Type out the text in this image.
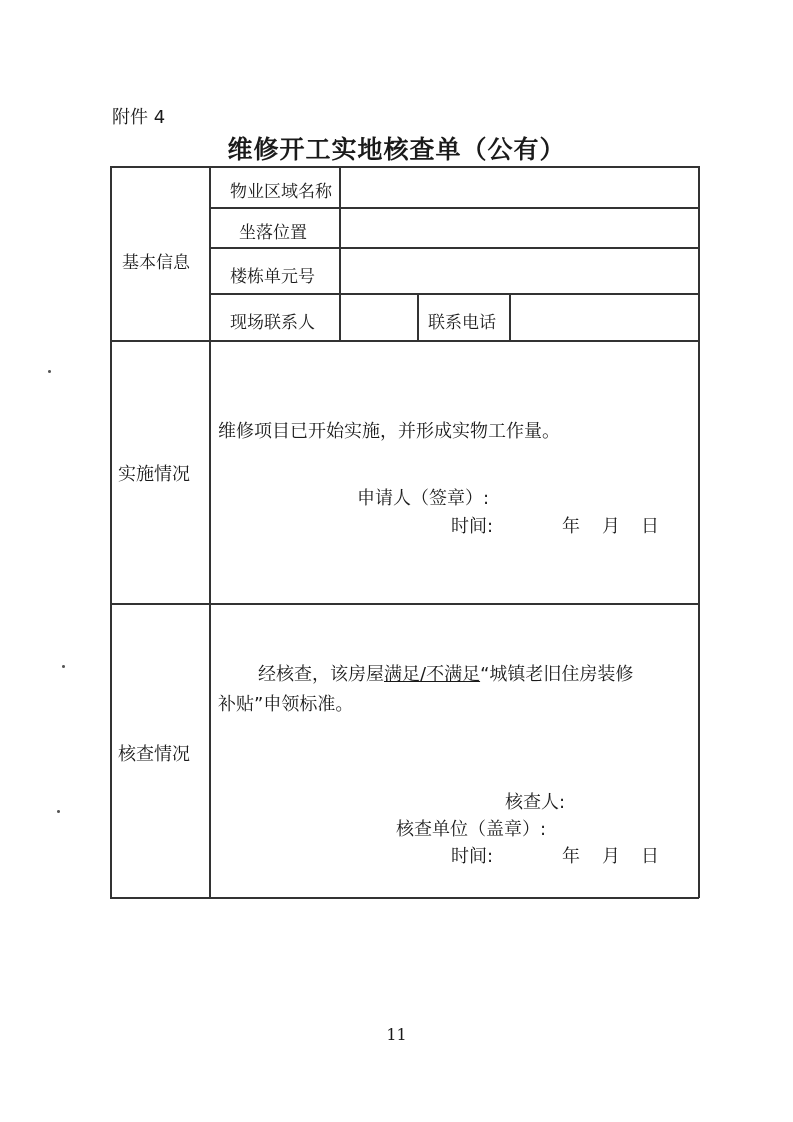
附件 4
维修开工实地核查单（公有）
基本信息
物业区域名称
坐落位置
楼栋单元号
现场联系人	联系电话
实施情况
维修项目已开始实施，并形成实物工作量。
申请人（签章）:
时间:	年 月 日
核查情况
经核查，该房屋满足/不满足“城镇老旧住房装修
补贴”申领标准。
核查人:
核查单位（盖章）:
时间:	年 月 日
11
